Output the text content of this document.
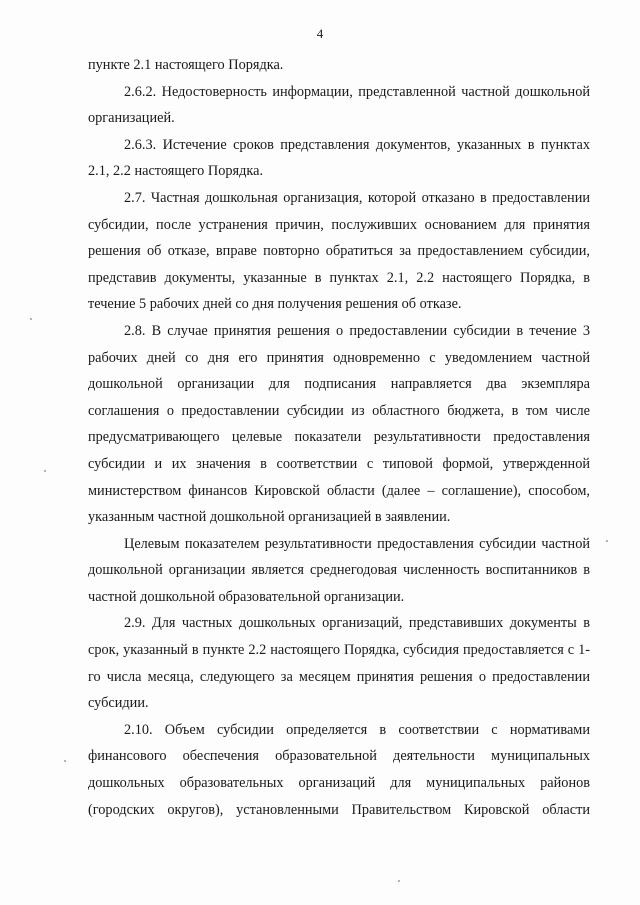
4

пункте 2.1 настоящего Порядка.

2.6.2. Недостоверность информации, представленной частной дошкольной организацией.

2.6.3. Истечение сроков представления документов, указанных в пунктах 2.1, 2.2 настоящего Порядка.

2.7. Частная дошкольная организация, которой отказано в предоставлении субсидии, после устранения причин, послуживших основанием для принятия решения об отказе, вправе повторно обратиться за предоставлением субсидии, представив документы, указанные в пунктах 2.1, 2.2 настоящего Порядка, в течение 5 рабочих дней со дня получения решения об отказе.

2.8. В случае принятия решения о предоставлении субсидии в течение 3 рабочих дней со дня его принятия одновременно с уведомлением частной дошкольной организации для подписания направляется два экземпляра соглашения о предоставлении субсидии из областного бюджета, в том числе предусматривающего целевые показатели результативности предоставления субсидии и их значения в соответствии с типовой формой, утвержденной министерством финансов Кировской области (далее – соглашение), способом, указанным частной дошкольной организацией в заявлении.

Целевым показателем результативности предоставления субсидии частной дошкольной организации является среднегодовая численность воспитанников в частной дошкольной образовательной организации.

2.9. Для частных дошкольных организаций, представивших документы в срок, указанный в пункте 2.2 настоящего Порядка, субсидия предоставляется с 1-го числа месяца, следующего за месяцем принятия решения о предоставлении субсидии.

2.10. Объем субсидии определяется в соответствии с нормативами финансового обеспечения образовательной деятельности муниципальных дошкольных образовательных организаций для муниципальных районов (городских округов), установленными Правительством Кировской области
